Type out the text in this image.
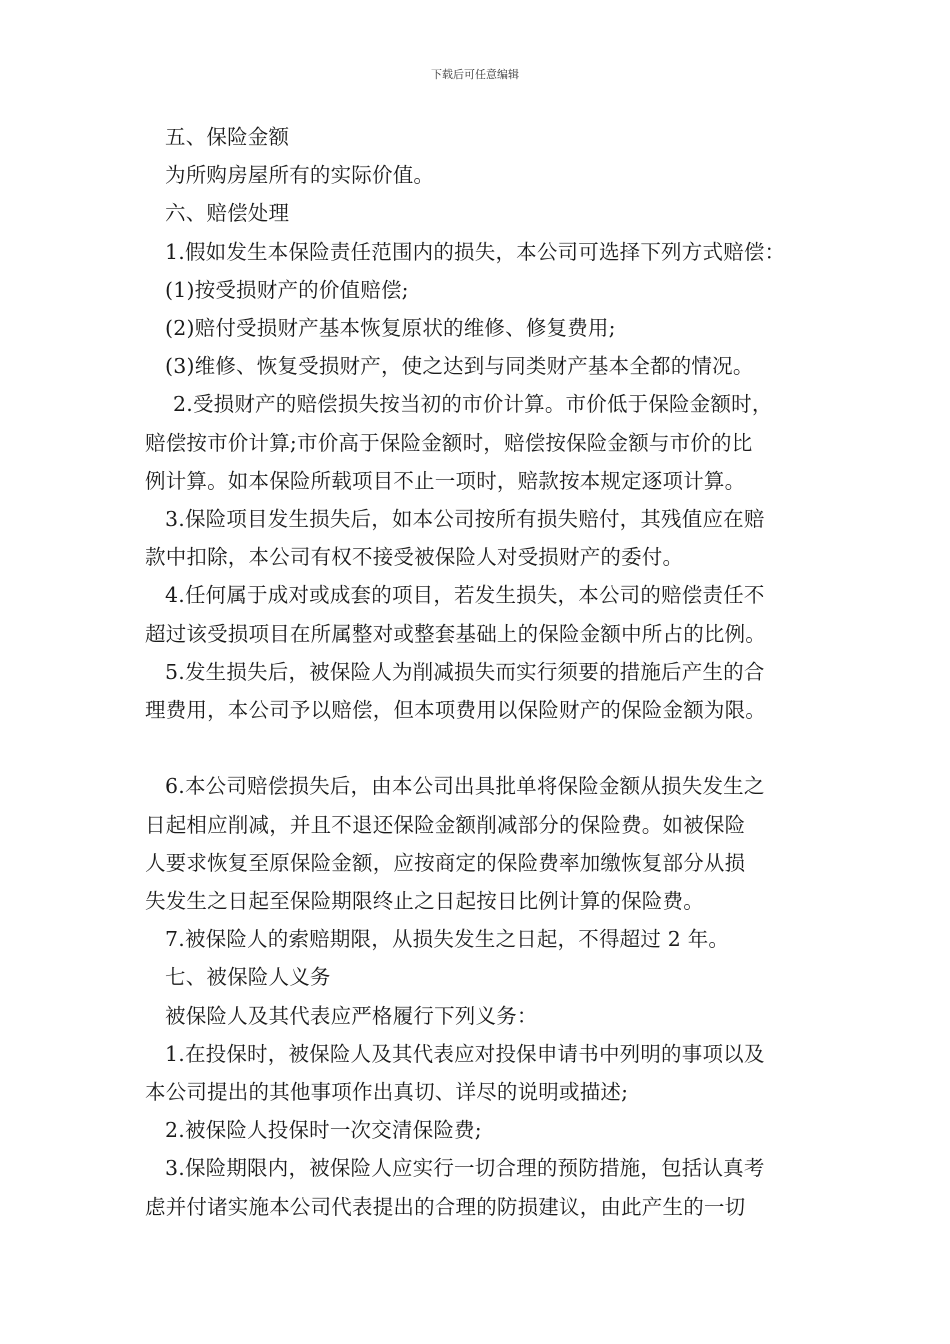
下载后可任意编辑
五、保险金额
为所购房屋所有的实际价值。
六、赔偿处理
1.假如发生本保险责任范围内的损失，本公司可选择下列方式赔偿：
(1)按受损财产的价值赔偿;
(2)赔付受损财产基本恢复原状的维修、修复费用;
(3)维修、恢复受损财产，使之达到与同类财产基本全都的情况。
2.受损财产的赔偿损失按当初的市价计算。市价低于保险金额时，
赔偿按市价计算;市价高于保险金额时，赔偿按保险金额与市价的比
例计算。如本保险所载项目不止一项时，赔款按本规定逐项计算。
3.保险项目发生损失后，如本公司按所有损失赔付，其残值应在赔
款中扣除，本公司有权不接受被保险人对受损财产的委付。
4.任何属于成对或成套的项目，若发生损失，本公司的赔偿责任不
超过该受损项目在所属整对或整套基础上的保险金额中所占的比例。
5.发生损失后，被保险人为削减损失而实行须要的措施后产生的合
理费用，本公司予以赔偿，但本项费用以保险财产的保险金额为限。
6.本公司赔偿损失后，由本公司出具批单将保险金额从损失发生之
日起相应削减，并且不退还保险金额削减部分的保险费。如被保险
人要求恢复至原保险金额，应按商定的保险费率加缴恢复部分从损
失发生之日起至保险期限终止之日起按日比例计算的保险费。
7.被保险人的索赔期限，从损失发生之日起，不得超过 2 年。
七、被保险人义务
被保险人及其代表应严格履行下列义务：
1.在投保时，被保险人及其代表应对投保申请书中列明的事项以及
本公司提出的其他事项作出真切、详尽的说明或描述;
2.被保险人投保时一次交清保险费;
3.保险期限内，被保险人应实行一切合理的预防措施，包括认真考
虑并付诸实施本公司代表提出的合理的防损建议，由此产生的一切
